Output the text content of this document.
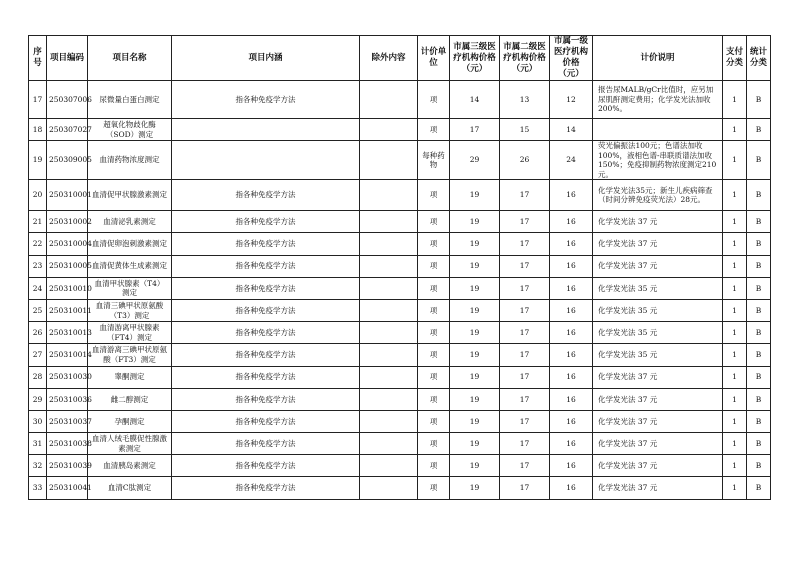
序号	项目编码	项目名称	项目内涵	除外内容	计价单位	市属三级医疗机构价格（元）	市属二级医疗机构价格（元）	市属一级医疗机构价格（元）	计价说明	支付分类	统计分类
17	250307006	尿微量白蛋白测定	指各种免疫学方法		项	14	13	12	报告尿MALB/gCr比值时，应另加尿肌酐测定费用；化学发光法加收200%。	1	B
18	250307027	超氧化物歧化酶（SOD）测定			项	17	15	14		1	B
19	250309005	血清药物浓度测定			每种药物	29	26	24	荧光偏振法100元；色谱法加收100%，液相色谱-串联质谱法加收150%；免疫抑制药物浓度测定210元。	1	B
20	250310001	血清促甲状腺激素测定	指各种免疫学方法		项	19	17	16	化学发光法35元；新生儿疾病筛查（时间分辨免疫荧光法）28元。	1	B
21	250310002	血清泌乳素测定	指各种免疫学方法		项	19	17	16	化学发光法 37 元	1	B
22	250310004	血清促卵泡刺激素测定	指各种免疫学方法		项	19	17	16	化学发光法 37 元	1	B
23	250310005	血清促黄体生成素测定	指各种免疫学方法		项	19	17	16	化学发光法 37 元	1	B
24	250310010	血清甲状腺素（T4）测定	指各种免疫学方法		项	19	17	16	化学发光法 35 元	1	B
25	250310011	血清三碘甲状原氨酸（T3）测定	指各种免疫学方法		项	19	17	16	化学发光法 35 元	1	B
26	250310013	血清游离甲状腺素（FT4）测定	指各种免疫学方法		项	19	17	16	化学发光法 35 元	1	B
27	250310014	血清游离三碘甲状原氨酸（FT3）测定	指各种免疫学方法		项	19	17	16	化学发光法 35 元	1	B
28	250310030	睾酮测定	指各种免疫学方法		项	19	17	16	化学发光法 37 元	1	B
29	250310036	雌二醇测定	指各种免疫学方法		项	19	17	16	化学发光法 37 元	1	B
30	250310037	孕酮测定	指各种免疫学方法		项	19	17	16	化学发光法 37 元	1	B
31	250310038	血清人绒毛膜促性腺激素测定	指各种免疫学方法		项	19	17	16	化学发光法 37 元	1	B
32	250310039	血清胰岛素测定	指各种免疫学方法		项	19	17	16	化学发光法 37 元	1	B
33	250310041	血清C肽测定	指各种免疫学方法		项	19	17	16	化学发光法 37 元	1	B
